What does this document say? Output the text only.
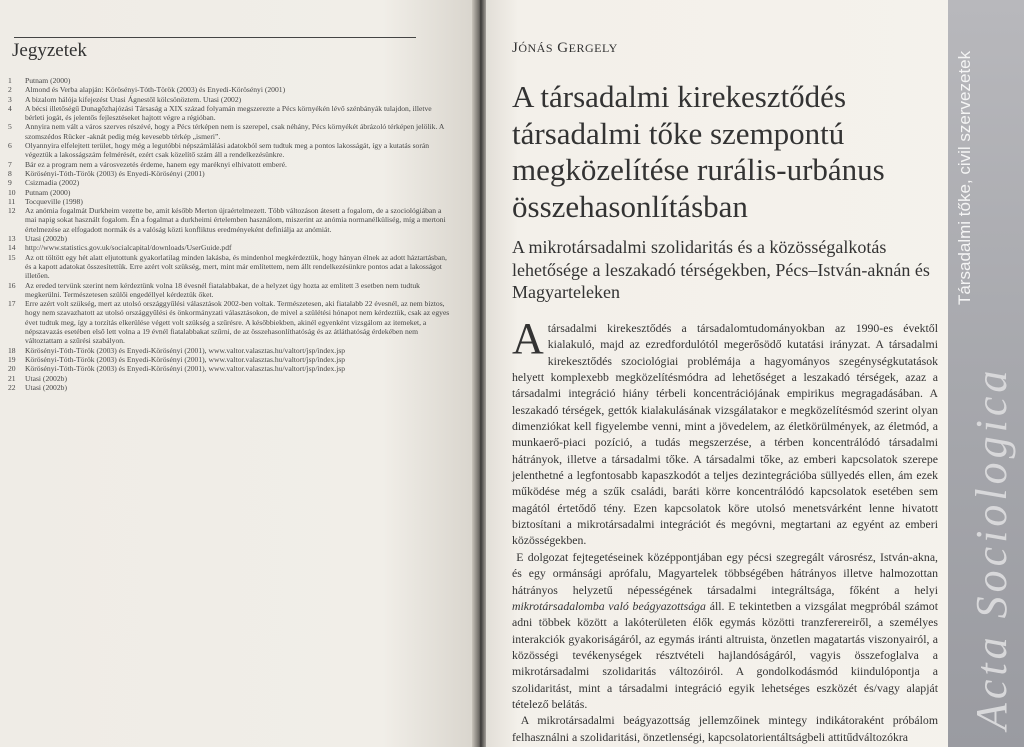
Jegyzetek
1	Putnam (2000)
2	Almond és Verba alapján: Körösényi-Tóth-Török (2003) és Enyedi-Körösényi (2001)
3	A bizalom hálója kifejezést Utasi Ágnestől kölcsönöztem. Utasi (2002)
4	A bécsi illetőségű Dunagőzhajózási Társaság a XIX század folyamán megszerezte a Pécs környékén lévő szénbányák tulajdon, illetve bérleti jogát, és jelentős fejlesztéseket hajtott végre a régióban.
5	Annyira nem vált a város szerves részévé, hogy a Pécs térképen nem is szerepel, csak néhány, Pécs környékét ábrázoló térképen jelölik. A szomszédos Rücker -aknát pedig még kevesebb térkép „ismeri”.
6	Olyannyira elfelejtett terület, hogy még a legutóbbi népszámlálási adatokból sem tudtuk meg a pontos lakosságát, így a kutatás során végeztük a lakosságszám felmérését, ezért csak közelítő szám áll a rendelkezésünkre.
7	Bár ez a program nem a városvezetés érdeme, hanem egy maréknyi elhivatott emberé.
8	Körösényi-Tóth-Török (2003) és Enyedi-Körösényi (2001)
9	Csizmadia (2002)
10	Putnam (2000)
11	Tocqueville (1998)
12	Az anómia fogalmát Durkheim vezette be, amit később Merton újraértelmezett. Több változáson átesett a fogalom, de a szociológiában a mai napig sokat használt fogalom. Én a fogalmat a durkheimi értelemben használom, miszerint az anómia normanélküliség, míg a mertoni értelmezése az elfogadott normák és a valóság közti konfliktus eredményeként definiálja az anómiát.
13	Utasi (2002b)
14	http://www.statistics.gov.uk/socialcapital/downloads/UserGuide.pdf
15	Az ott töltött egy hét alatt eljutottunk gyakorlatilag minden lakásba, és mindenhol megkérdeztük, hogy hányan élnek az adott háztartásban, és a kapott adatokat összesítettük. Erre azért volt szükség, mert, mint már említettem, nem állt rendelkezésünkre pontos adat a lakosságot illetően.
16	Az ereded tervünk szerint nem kérdeztünk volna 18 évesnél fiatalabbakat, de a helyzet úgy hozta az emlitett 3 esetben nem tudtuk megkerülni. Természetesen szülői engedéllyel kérdeztük őket.
17	Erre azért volt szükség, mert az utolsó országgyűlési választások 2002-ben voltak. Természetesen, aki fiatalabb 22 évesnél, az nem biztos, hogy nem szavazhatott az utolsó országgyűlési és önkormányzati választásokon, de mivel a szülétési hónapot nem kérdeztük, csak az egyes évet tudtuk meg, így a torzítás elkerülése végett volt szükség a szűrésre. A későbbiekben, akinél egyenként vizsgálom az itemeket, a népszavazás esetében első lett volna a 19 évnél fiatalabbakat szűrni, de az összehasonlíthatóság és az átláthatóság érdekében nem változtattam a szűrési szabályon.
18	Körösényi-Tóth-Török (2003) és Enyedi-Körösényi (2001), www.valtor.valasztas.hu/valtort/jsp/index.jsp
19	Körösényi-Tóth-Török (2003) és Enyedi-Körösényi (2001), www.valtor.valasztas.hu/valtort/jsp/index.jsp
20	Körösényi-Tóth-Török (2003) és Enyedi-Körösényi (2001), www.valtor.valasztas.hu/valtort/jsp/index.jsp
21	Utasi (2002b)
22	Utasi (2002b)
JÓNÁS GERGELY
A társadalmi kirekesztődés társadalmi tőke szempontú megközelítése rurális-urbánus összehasonlításban
A mikrotársadalmi szolidaritás és a közösségalkotás lehetősége a leszakadó térségekben, Pécs–István-aknán és Magyarteleken

Atársadalmi kirekesztődés a társadalomtudományokban az 1990-es évektől kialakuló, majd az ezredfordulótól megerősödő kutatási irányzat. A társadalmi kirekesztődés szociológiai problémája a hagyományos szegénységkutatások helyett komplexebb megközelítésmódra ad lehetőséget a leszakadó térségek, azaz a társadalmi integráció hiány térbeli koncentrációjának empirikus megragadásában. A leszakadó térségek, gettók kialakulásának vizsgálatakor e megközelítésmód szerint olyan dimenziókat kell figyelembe venni, mint a jövedelem, az életkörülmények, az életmód, a munkaerő-piaci pozíció, a tudás megszerzése, a térben koncentrálódó társadalmi hátrányok, illetve a társadalmi tőke. A társadalmi tőke, az emberi kapcsolatok szerepe jelenthetné a legfontosabb kapaszkodót a teljes dezintegrációba süllyedés ellen, ám ezek működése még a szűk családi, baráti körre koncentrálódó kapcsolatok esetében sem magától értetődő tény. Ezen kapcsolatok köre utolsó menetsvárként lenne hivatott biztosítani a mikrotársadalmi integrációt és megóvni, megtartani az egyént az emberi közösségekben.

E dolgozat fejtegetéseinek középpontjában egy pécsi szegregált városrész, István-akna, és egy ormánsági aprófalu, Magyartelek többségében hátrányos illetve halmozottan hátrányos helyzetű népességének társadalmi integráltsága, főként a helyi mikrotársadalomba való beágyazottsága áll. E tekintetben a vizsgálat megpróbál számot adni többek között a lakóterületen élők egymás közötti tranzferereiről, a személyes interakciók gyakoriságáról, az egymás iránti altruista, önzetlen magatartás viszonyairól, a közösségi tevékenységek résztvételi hajlandóságáról, vagyis összefoglalva a mikrotársadalmi szolidaritás változóiról. A gondolkodásmód kiindulópontja a szolidaritást, mint a társadalmi integráció egyik lehetséges eszközét és/vagy alapját tételező belátás.

A mikrotársadalmi beágyazottság jellemzőinek mintegy indikátoraként próbálom felhasználni a szolidaritási, önzetlenségi, kapcsolatorientáltságbeli attitűdváltozókra

Társadalmi tőke, civil szervezetek
Acta Sociologica
